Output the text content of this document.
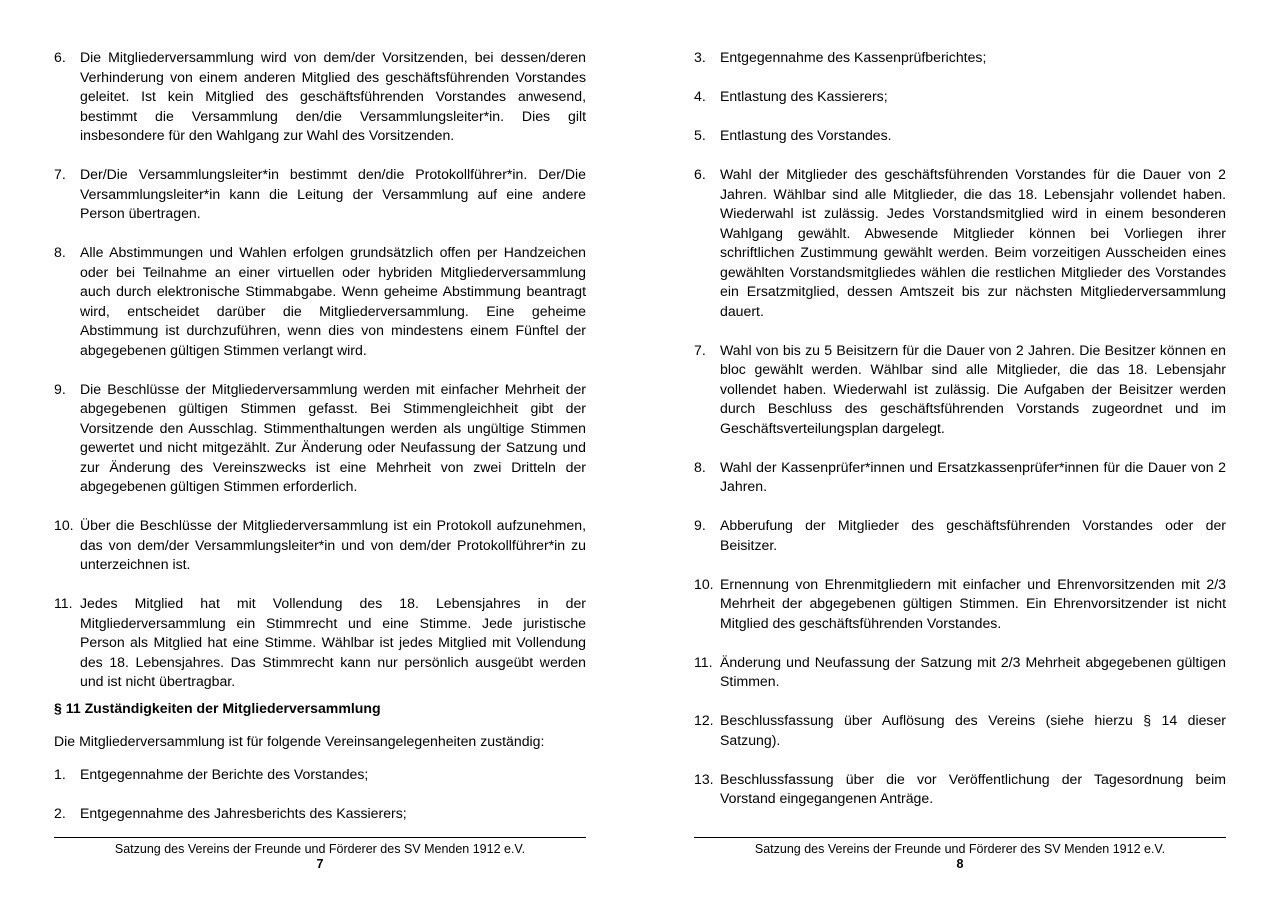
6. Die Mitgliederversammlung wird von dem/der Vorsitzenden, bei dessen/deren Verhinderung von einem anderen Mitglied des geschäftsführenden Vorstandes geleitet. Ist kein Mitglied des geschäftsführenden Vorstandes anwesend, bestimmt die Versammlung den/die Versammlungsleiter*in. Dies gilt insbesondere für den Wahlgang zur Wahl des Vorsitzenden.
7. Der/Die Versammlungsleiter*in bestimmt den/die Protokollführer*in. Der/Die Versammlungsleiter*in kann die Leitung der Versammlung auf eine andere Person übertragen.
8. Alle Abstimmungen und Wahlen erfolgen grundsätzlich offen per Handzeichen oder bei Teilnahme an einer virtuellen oder hybriden Mitgliederversammlung auch durch elektronische Stimmabgabe. Wenn geheime Abstimmung beantragt wird, entscheidet darüber die Mitgliederversammlung. Eine geheime Abstimmung ist durchzuführen, wenn dies von mindestens einem Fünftel der abgegebenen gültigen Stimmen verlangt wird.
9. Die Beschlüsse der Mitgliederversammlung werden mit einfacher Mehrheit der abgegebenen gültigen Stimmen gefasst. Bei Stimmengleichheit gibt der Vorsitzende den Ausschlag. Stimmenthaltungen werden als ungültige Stimmen gewertet und nicht mitgezählt. Zur Änderung oder Neufassung der Satzung und zur Änderung des Vereinszwecks ist eine Mehrheit von zwei Dritteln der abgegebenen gültigen Stimmen erforderlich.
10. Über die Beschlüsse der Mitgliederversammlung ist ein Protokoll aufzunehmen, das von dem/der Versammlungsleiter*in und von dem/der Protokollführer*in zu unterzeichnen ist.
11. Jedes Mitglied hat mit Vollendung des 18. Lebensjahres in der Mitgliederversammlung ein Stimmrecht und eine Stimme. Jede juristische Person als Mitglied hat eine Stimme. Wählbar ist jedes Mitglied mit Vollendung des 18. Lebensjahres. Das Stimmrecht kann nur persönlich ausgeübt werden und ist nicht übertragbar.
§ 11 Zuständigkeiten der Mitgliederversammlung
Die Mitgliederversammlung ist für folgende Vereinsangelegenheiten zuständig:
1. Entgegennahme der Berichte des Vorstandes;
2. Entgegennahme des Jahresberichts des Kassierers;
Satzung des Vereins der Freunde und Förderer des SV Menden 1912 e.V.
7
3. Entgegennahme des Kassenprüfberichtes;
4. Entlastung des Kassierers;
5. Entlastung des Vorstandes.
6. Wahl der Mitglieder des geschäftsführenden Vorstandes für die Dauer von 2 Jahren. Wählbar sind alle Mitglieder, die das 18. Lebensjahr vollendet haben. Wiederwahl ist zulässig. Jedes Vorstandsmitglied wird in einem besonderen Wahlgang gewählt. Abwesende Mitglieder können bei Vorliegen ihrer schriftlichen Zustimmung gewählt werden. Beim vorzeitigen Ausscheiden eines gewählten Vorstandsmitgliedes wählen die restlichen Mitglieder des Vorstandes ein Ersatzmitglied, dessen Amtszeit bis zur nächsten Mitgliederversammlung dauert.
7. Wahl von bis zu 5 Beisitzern für die Dauer von 2 Jahren. Die Besitzer können en bloc gewählt werden. Wählbar sind alle Mitglieder, die das 18. Lebensjahr vollendet haben. Wiederwahl ist zulässig. Die Aufgaben der Beisitzer werden durch Beschluss des geschäftsführenden Vorstands zugeordnet und im Geschäftsverteilungsplan dargelegt.
8. Wahl der Kassenprüfer*innen und Ersatzkassenprüfer*innen für die Dauer von 2 Jahren.
9. Abberufung der Mitglieder des geschäftsführenden Vorstandes oder der Beisitzer.
10. Ernennung von Ehrenmitgliedern mit einfacher und Ehrenvorsitzenden mit 2/3 Mehrheit der abgegebenen gültigen Stimmen. Ein Ehrenvorsitzender ist nicht Mitglied des geschäftsführenden Vorstandes.
11. Änderung und Neufassung der Satzung mit 2/3 Mehrheit abgegebenen gültigen Stimmen.
12. Beschlussfassung über Auflösung des Vereins (siehe hierzu § 14 dieser Satzung).
13. Beschlussfassung über die vor Veröffentlichung der Tagesordnung beim Vorstand eingegangenen Anträge.
Satzung des Vereins der Freunde und Förderer des SV Menden 1912 e.V.
8
